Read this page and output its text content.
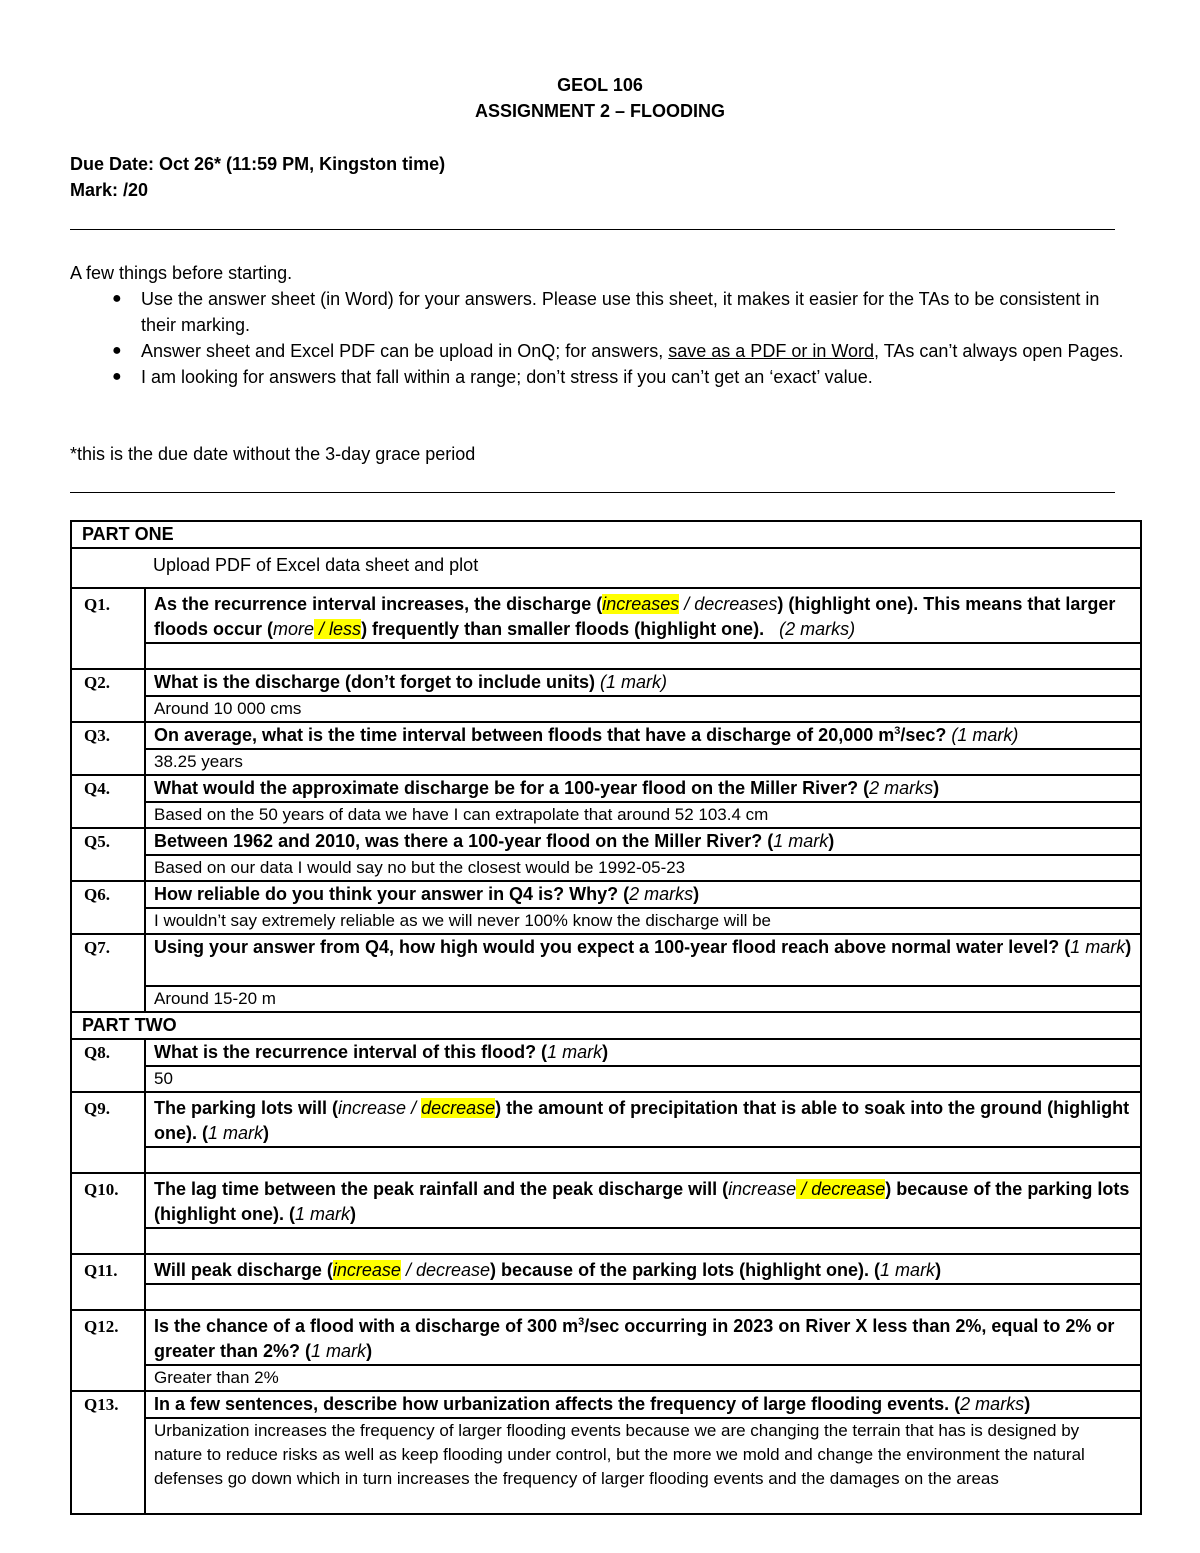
GEOL 106
ASSIGNMENT 2 – FLOODING
Due Date: Oct 26* (11:59 PM, Kingston time)
Mark: /20
A few things before starting.
● Use the answer sheet (in Word) for your answers. Please use this sheet, it makes it easier for the TAs to be consistent in their marking.
● Answer sheet and Excel PDF can be upload in OnQ; for answers, save as a PDF or in Word, TAs can’t always open Pages.
● I am looking for answers that fall within a range; don’t stress if you can’t get an ‘exact’ value.
*this is the due date without the 3-day grace period
PART ONE	
	Upload PDF of Excel data sheet and plot
Q1.	As the recurrence interval increases, the discharge (increases / decreases) (highlight one). This means that larger floods occur (more / less) frequently than smaller floods (highlight one). (2 marks)

Q2.	What is the discharge (don’t forget to include units) (1 mark)
	Around 10 000 cms
Q3.	On average, what is the time interval between floods that have a discharge of 20,000 $m^3/\sec$? (1 mark)
	38.25 years
Q4.	What would the approximate discharge be for a 100-year flood on the Miller River? (2 marks)
	Based on the 50 years of data we have I can extrapolate that around 52 103.4 cm
Q5.	Between 1962 and 2010, was there a 100-year flood on the Miller River? (1 mark)
	Based on our data I would say no but the closest would be 1992-05-23
Q6.	How reliable do you think your answer in Q4 is? Why? (2 marks)
	I wouldn’t say extremely reliable as we will never 100% know the discharge will be
Q7.	Using your answer from Q4, how high would you expect a 100-year flood reach above normal water level? (1 mark)
	Around 15-20 m
PART TWO	
Q8.	What is the recurrence interval of this flood? (1 mark)
	50
Q9.	The parking lots will (increase / decrease) the amount of precipitation that is able to soak into the ground (highlight one). (1 mark)

Q10.	The lag time between the peak rainfall and the peak discharge will (increase / decrease) because of the parking lots (highlight one). (1 mark)

Q11.	Will peak discharge (increase / decrease) because of the parking lots (highlight one). (1 mark)

Q12.	Is the chance of a flood with a discharge of 300 $m^3/\sec$ occurring in 2023 on River X less than 2%, equal to 2% or greater than 2%? (1 mark)
	Greater than 2%
Q13.	In a few sentences, describe how urbanization affects the frequency of large flooding events. (2 marks)
	Urbanization increases the frequency of larger flooding events because we are changing the terrain that has is designed by nature to reduce risks as well as keep flooding under control, but the more we mold and change the environment the natural defenses go down which in turn increases the frequency of larger flooding events and the damages on the areas
